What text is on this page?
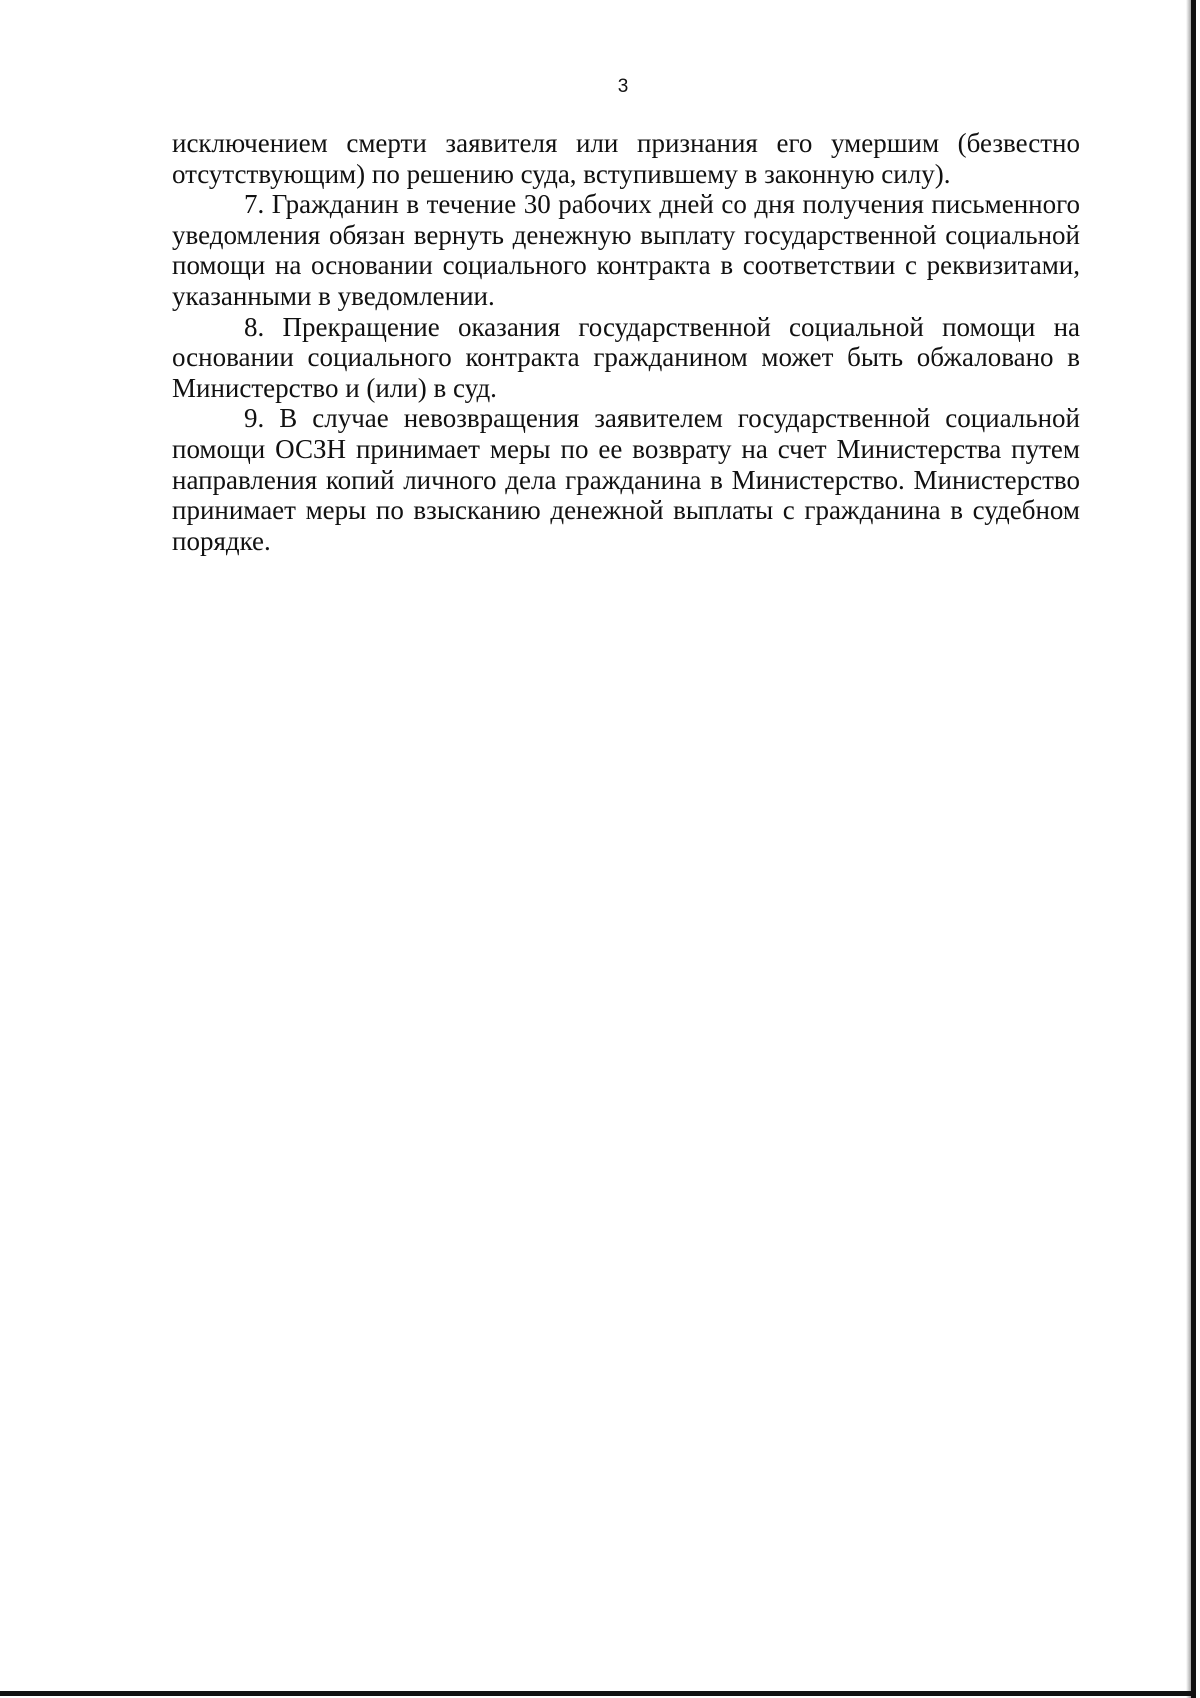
3

исключением смерти заявителя или признания его умершим (безвестно отсутствующим) по решению суда, вступившему в законную силу).

7. Гражданин в течение 30 рабочих дней со дня получения письменного уведомления обязан вернуть денежную выплату государственной социальной помощи на основании социального контракта в соответствии с реквизитами, указанными в уведомлении.

8. Прекращение оказания государственной социальной помощи на основании социального контракта гражданином может быть обжаловано в Министерство и (или) в суд.

9. В случае невозвращения заявителем государственной социальной помощи ОСЗН принимает меры по ее возврату на счет Министерства путем направления копий личного дела гражданина в Министерство. Министерство принимает меры по взысканию денежной выплаты с гражданина в судебном порядке.
